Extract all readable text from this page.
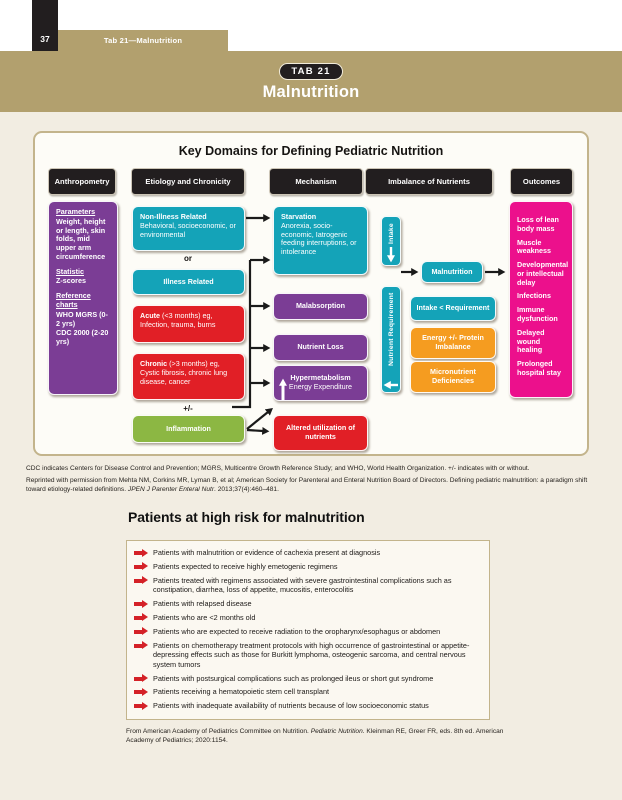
37	Tab 21—Malnutrition
TAB 21
Malnutrition
Key Domains for Defining Pediatric Nutrition
Anthropometry	Etiology and Chronicity	Mechanism	Imbalance of Nutrients	Outcomes
Parameters
Weight, height or length, skin folds, mid upper arm circumference
Statistic
Z-scores
Reference charts
WHO MGRS (0-2 yrs)
CDC 2000 (2-20 yrs)
Non-Illness Related
Behavioral, socioeconomic, or environmental
or
Illness Related
Acute (<3 months) eg, Infection, trauma, burns
Chronic (>3 months) eg, Cystic fibrosis, chronic lung disease, cancer
+/-
Inflammation
Starvation
Anorexia, socio-economic, Iatrogenic feeding interruptions, or intolerance
Malabsorption
Nutrient Loss
Hypermetabolism
Energy Expenditure
Altered utilization of nutrients
Intake
Nutrient Requirement
Malnutrition
Intake < Requirement
Energy +/- Protein Imbalance
Micronutrient Deficiencies
Loss of lean body mass
Muscle weakness
Developmental or intellectual delay
Infections
Immune dysfunction
Delayed wound healing
Prolonged hospital stay
CDC indicates Centers for Disease Control and Prevention; MGRS, Multicentre Growth Reference Study; and WHO, World Health Organization. +/- indicates with or without.
Reprinted with permission from Mehta NM, Corkins MR, Lyman B, et al; American Society for Parenteral and Enteral Nutrition Board of Directors. Defining pediatric malnutrition: a paradigm shift toward etiology-related definitions. JPEN J Parenter Enteral Nutr. 2013;37(4):460–481.
Patients at high risk for malnutrition
Patients with malnutrition or evidence of cachexia present at diagnosis
Patients expected to receive highly emetogenic regimens
Patients treated with regimens associated with severe gastrointestinal complications such as constipation, diarrhea, loss of appetite, mucositis, enterocolitis
Patients with relapsed disease
Patients who are <2 months old
Patients who are expected to receive radiation to the oropharynx/esophagus or abdomen
Patients on chemotherapy treatment protocols with high occurrence of gastrointestinal or appetite-depressing effects such as those for Burkitt lymphoma, osteogenic sarcoma, and central nervous system tumors
Patients with postsurgical complications such as prolonged ileus or short gut syndrome
Patients receiving a hematopoietic stem cell transplant
Patients with inadequate availability of nutrients because of low socioeconomic status
From American Academy of Pediatrics Committee on Nutrition. Pediatric Nutrition. Kleinman RE, Greer FR, eds. 8th ed. American Academy of Pediatrics; 2020:1154.
